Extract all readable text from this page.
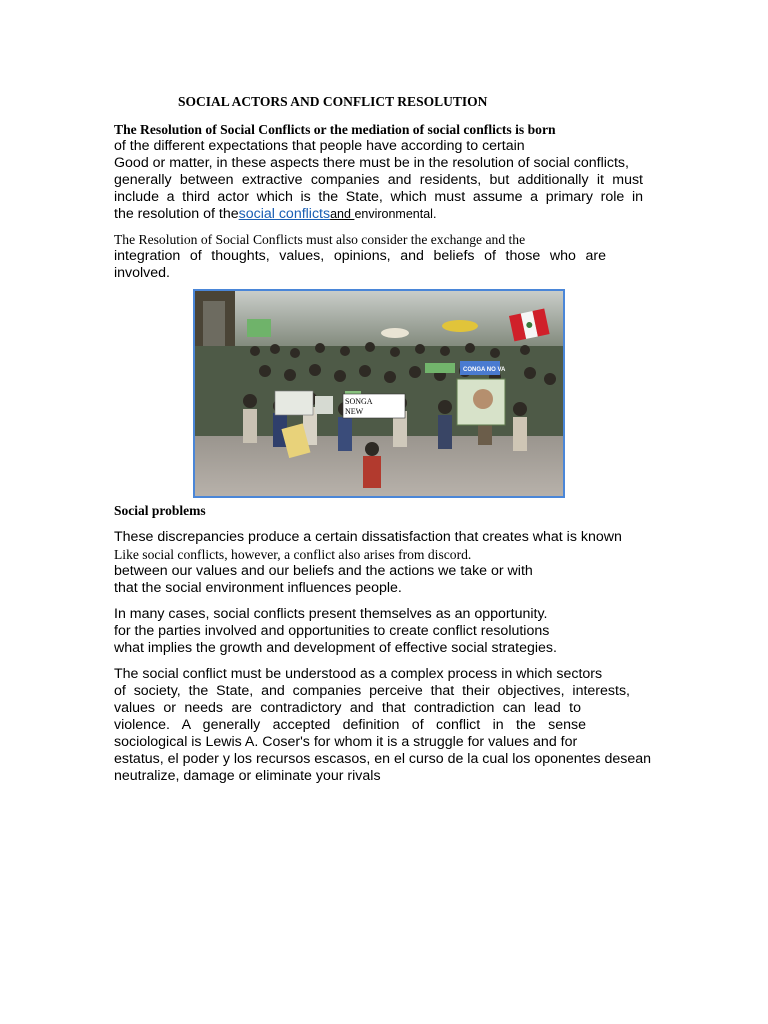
SOCIAL ACTORS AND CONFLICT RESOLUTION
The Resolution of Social Conflicts or the mediation of social conflicts is born
of the different expectations that people have according to certain
Good or matter, in these aspects there must be in the resolution of social conflicts,
generally between extractive companies and residents, but additionally it must
include a third actor which is the State, which must assume a primary role in
the resolution of thesocial conflictsand environmental.
The Resolution of Social Conflicts must also consider the exchange and the
integration of thoughts, values, opinions, and beliefs of those who are
involved.
SONGA
NEW
CONGA NO VA
Social problems
These discrepancies produce a certain dissatisfaction that creates what is known
Like social conflicts, however, a conflict also arises from discord.
between our values and our beliefs and the actions we take or with
that the social environment influences people.
In many cases, social conflicts present themselves as an opportunity.
for the parties involved and opportunities to create conflict resolutions
what implies the growth and development of effective social strategies.
The social conflict must be understood as a complex process in which sectors
of society, the State, and companies perceive that their objectives, interests,
values or needs are contradictory and that contradiction can lead to
violence. A generally accepted definition of conflict in the sense
sociological is Lewis A. Coser's for whom it is a struggle for values and for
estatus, el poder y los recursos escasos, en el curso de la cual los oponentes desean
neutralize, damage or eliminate your rivals
